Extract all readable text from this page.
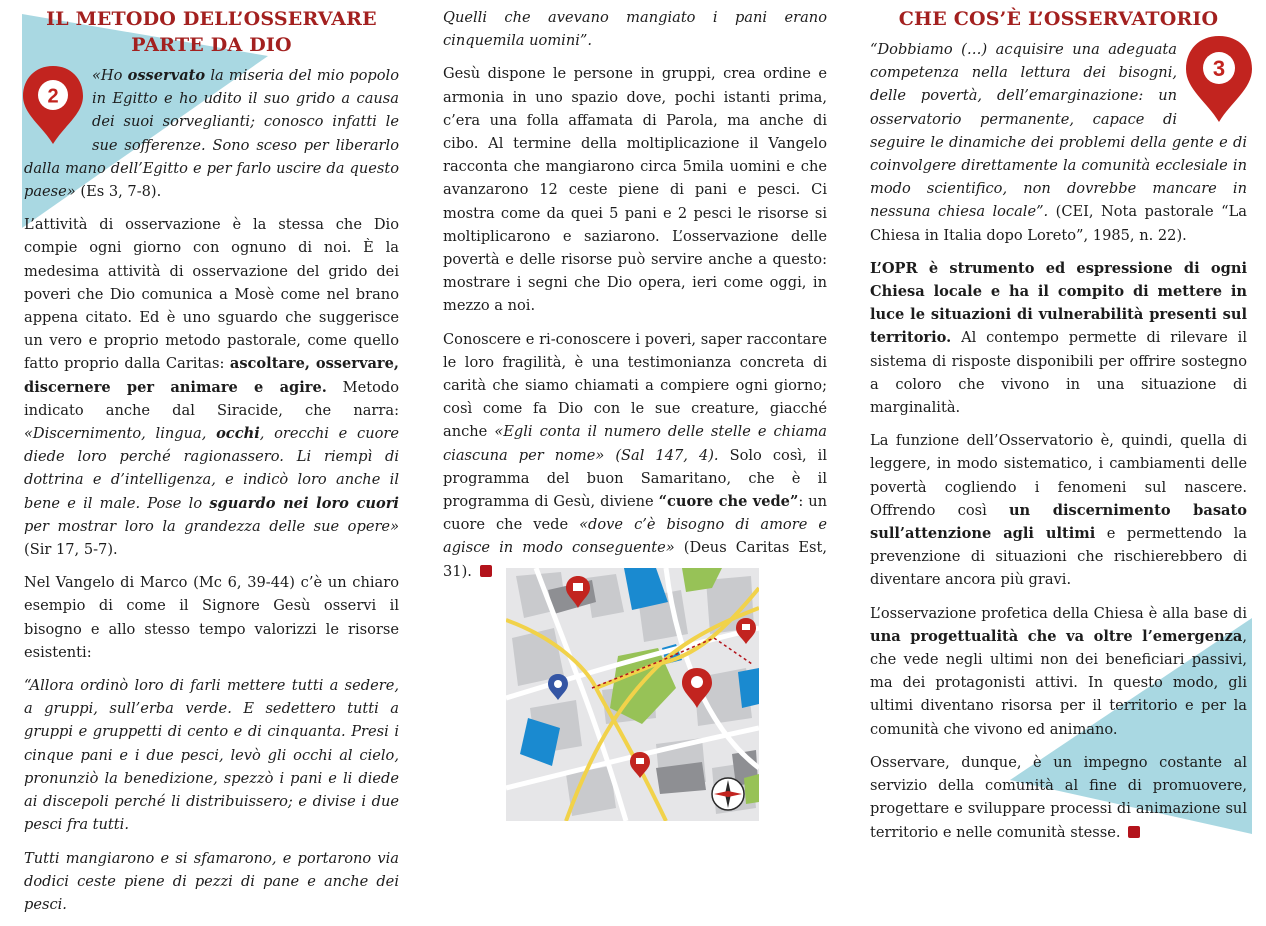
IL METODO DELL’OSSERVARE PARTE DA DIO
2

«Ho osservato la miseria del mio popolo in Egitto e ho udito il suo grido a causa dei suoi sorveglianti; conosco infatti le sue sofferenze. Sono sceso per liberarlo dalla mano dell’Egitto e per farlo uscire da questo paese» (Es 3, 7-8).

L’attività di osservazione è la stessa che Dio compie ogni giorno con ognuno di noi. È la medesima attività di osservazione del grido dei poveri che Dio comunica a Mosè come nel brano appena citato. Ed è uno sguardo che suggerisce un vero e proprio metodo pastorale, come quello fatto proprio dalla Caritas: ascoltare, osservare, discernere per animare e agire. Metodo indicato anche dal Siracide, che narra: «Discernimento, lingua, occhi, orecchi e cuore diede loro perché ragionassero. Li riempì di dottrina e d’intelligenza, e indicò loro anche il bene e il male. Pose lo sguardo nei loro cuori per mostrar loro la grandezza delle sue opere» (Sir 17, 5-7).

Nel Vangelo di Marco (Mc 6, 39-44) c’è un chiaro esempio di come il Signore Gesù osservi il bisogno e allo stesso tempo valorizzi le risorse esistenti:

“Allora ordinò loro di farli mettere tutti a sedere, a gruppi, sull’erba verde. E sedettero tutti a gruppi e gruppetti di cento e di cinquanta. Presi i cinque pani e i due pesci, levò gli occhi al cielo, pronunziò la benedizione, spezzò i pani e li diede ai discepoli perché li distribuissero; e divise i due pesci fra tutti.

Tutti mangiarono e si sfamarono, e portarono via dodici ceste piene di pezzi di pane e anche dei pesci.

Quelli che avevano mangiato i pani erano cinquemila uomini”.

Gesù dispone le persone in gruppi, crea ordine e armonia in uno spazio dove, pochi istanti prima, c’era una folla affamata di Parola, ma anche di cibo. Al termine della moltiplicazione il Vangelo racconta che mangiarono circa 5mila uomini e che avanzarono 12 ceste piene di pani e pesci. Ci mostra come da quei 5 pani e 2 pesci le risorse si moltiplicarono e saziarono. L’osservazione delle povertà e delle risorse può servire anche a questo: mostrare i segni che Dio opera, ieri come oggi, in mezzo a noi.

Conoscere e ri-conoscere i poveri, saper raccontare le loro fragilità, è una testimonianza concreta di carità che siamo chiamati a compiere ogni giorno; così come fa Dio con le sue creature, giacché anche «Egli conta il numero delle stelle e chiama ciascuna per nome» (Sal 147, 4). Solo così, il programma del buon Samaritano, che è il programma di Gesù, diviene “cuore che vede”: un cuore che vede «dove c’è bisogno di amore e agisce in modo conseguente» (Deus Caritas Est, 31).

CHE COS’È L’OSSERVATORIO
3

“Dobbiamo (…) acquisire una adeguata competenza nella lettura dei bisogni, delle povertà, dell’emarginazione: un osservatorio permanente, capace di seguire le dinamiche dei problemi della gente e di coinvolgere direttamente la comunità ecclesiale in modo scientifico, non dovrebbe mancare in nessuna chiesa locale”. (CEI, Nota pastorale “La Chiesa in Italia dopo Loreto”, 1985, n. 22).

L’OPR è strumento ed espressione di ogni Chiesa locale e ha il compito di mettere in luce le situazioni di vulnerabilità presenti sul territorio. Al contempo permette di rilevare il sistema di risposte disponibili per offrire sostegno a coloro che vivono in una situazione di marginalità.

La funzione dell’Osservatorio è, quindi, quella di leggere, in modo sistematico, i cambiamenti delle povertà cogliendo i fenomeni sul nascere. Offrendo così un discernimento basato sull’attenzione agli ultimi e permettendo la prevenzione di situazioni che rischierebbero di diventare ancora più gravi.

L’osservazione profetica della Chiesa è alla base di una progettualità che va oltre l’emergenza, che vede negli ultimi non dei beneficiari passivi, ma dei protagonisti attivi. In questo modo, gli ultimi diventano risorsa per il territorio e per la comunità che vivono ed animano.

Osservare, dunque, è un impegno costante al servizio della comunità al fine di promuovere, progettare e sviluppare processi di animazione sul territorio e nelle comunità stesse.
